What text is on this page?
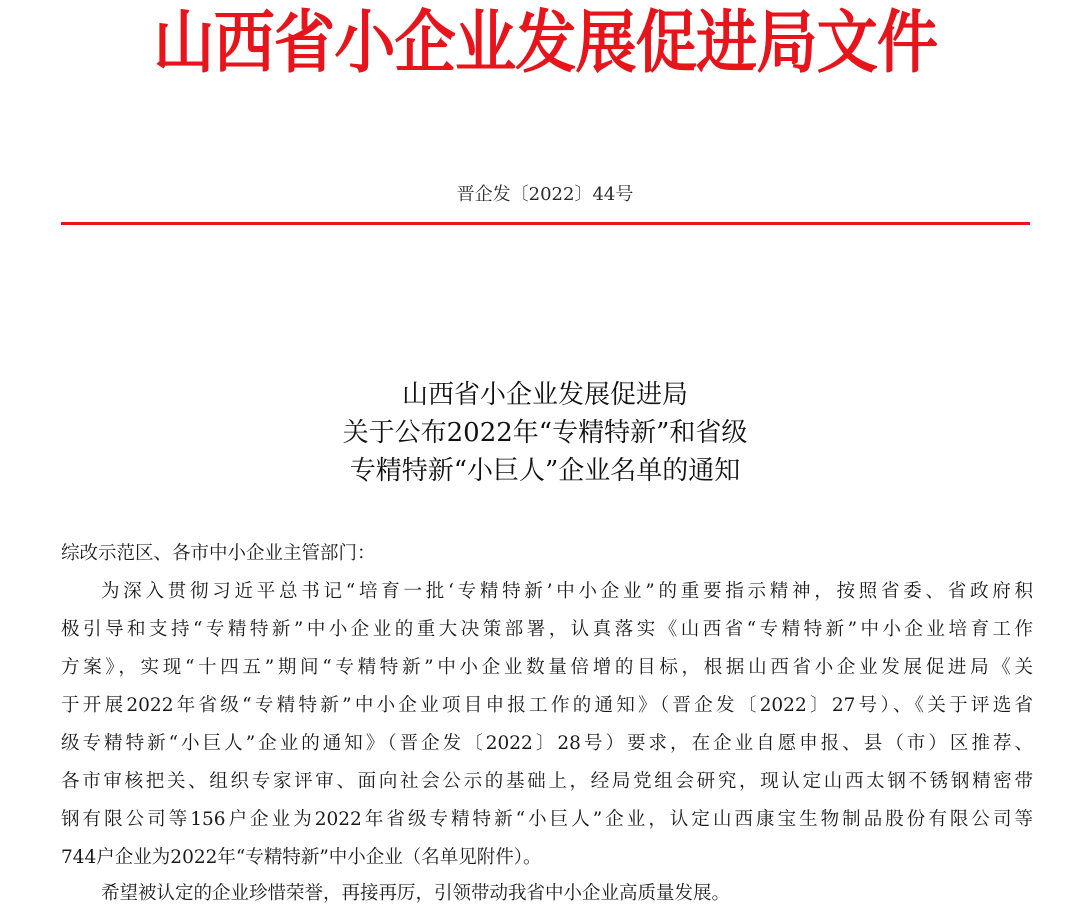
山西省小企业发展促进局文件
晋企发〔2022〕44号
山西省小企业发展促进局
关于公布2022年“专精特新”和省级
专精特新“小巨人”企业名单的通知
综改示范区、各市中小企业主管部门：
为深入贯彻习近平总书记“培育一批‘专精特新’中小企业”的重要指示精神，按照省委、省政府积
极引导和支持“专精特新”中小企业的重大决策部署，认真落实《山西省“专精特新”中小企业培育工作
方案》，实现“十四五”期间“专精特新”中小企业数量倍增的目标，根据山西省小企业发展促进局《关
于开展2022年省级“专精特新”中小企业项目申报工作的通知》（晋企发〔2022〕27号）、《关于评选省
级专精特新“小巨人”企业的通知》（晋企发〔2022〕28号）要求，在企业自愿申报、县（市）区推荐、
各市审核把关、组织专家评审、面向社会公示的基础上，经局党组会研究，现认定山西太钢不锈钢精密带
钢有限公司等156户企业为2022年省级专精特新“小巨人”企业，认定山西康宝生物制品股份有限公司等
744户企业为2022年“专精特新”中小企业（名单见附件）。
希望被认定的企业珍惜荣誉，再接再厉，引领带动我省中小企业高质量发展。
